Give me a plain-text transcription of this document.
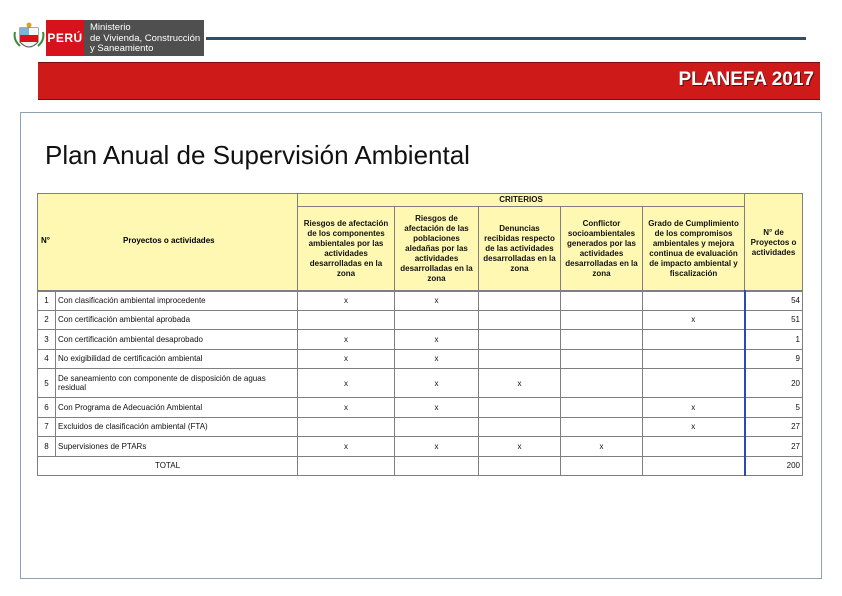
PERÚ
Ministerio
de Vivienda, Construcción
y Saneamiento
PLANEFA 2017
Plan Anual de Supervisión Ambiental
	CRITERIOS					N° de Proyectos o actividades
	Riesgos de afectación de los componentes ambientales por las actividades desarrolladas en la zona	Riesgos de afectación de las poblaciones aledañas por las actividades desarrolladas en la zona	Denuncias recibidas respecto de las actividades desarrolladas en la zona	Conflictor socioambientales generados por las actividades desarrolladas en la zona	Grado de Cumplimiento de los compromisos ambientales y mejora continua de evaluación de impacto ambiental y fiscalización	
N°	Proyectos o actividades
1	Con clasificación ambiental improcedente	x	x				54
2	Con certificación ambiental aprobada					x	51
3	Con certificación ambiental desaprobado	x	x				1
4	No exigibilidad de certificación ambiental	x	x				9
5	De saneamiento con componente de disposición de aguas residual	x	x	x			20
6	Con Programa de Adecuación Ambiental	x	x			x	5
7	Excluidos de clasificación ambiental (FTA)					x	27
8	Supervisiones de PTARs	x	x	x	x		27
TOTAL							200
